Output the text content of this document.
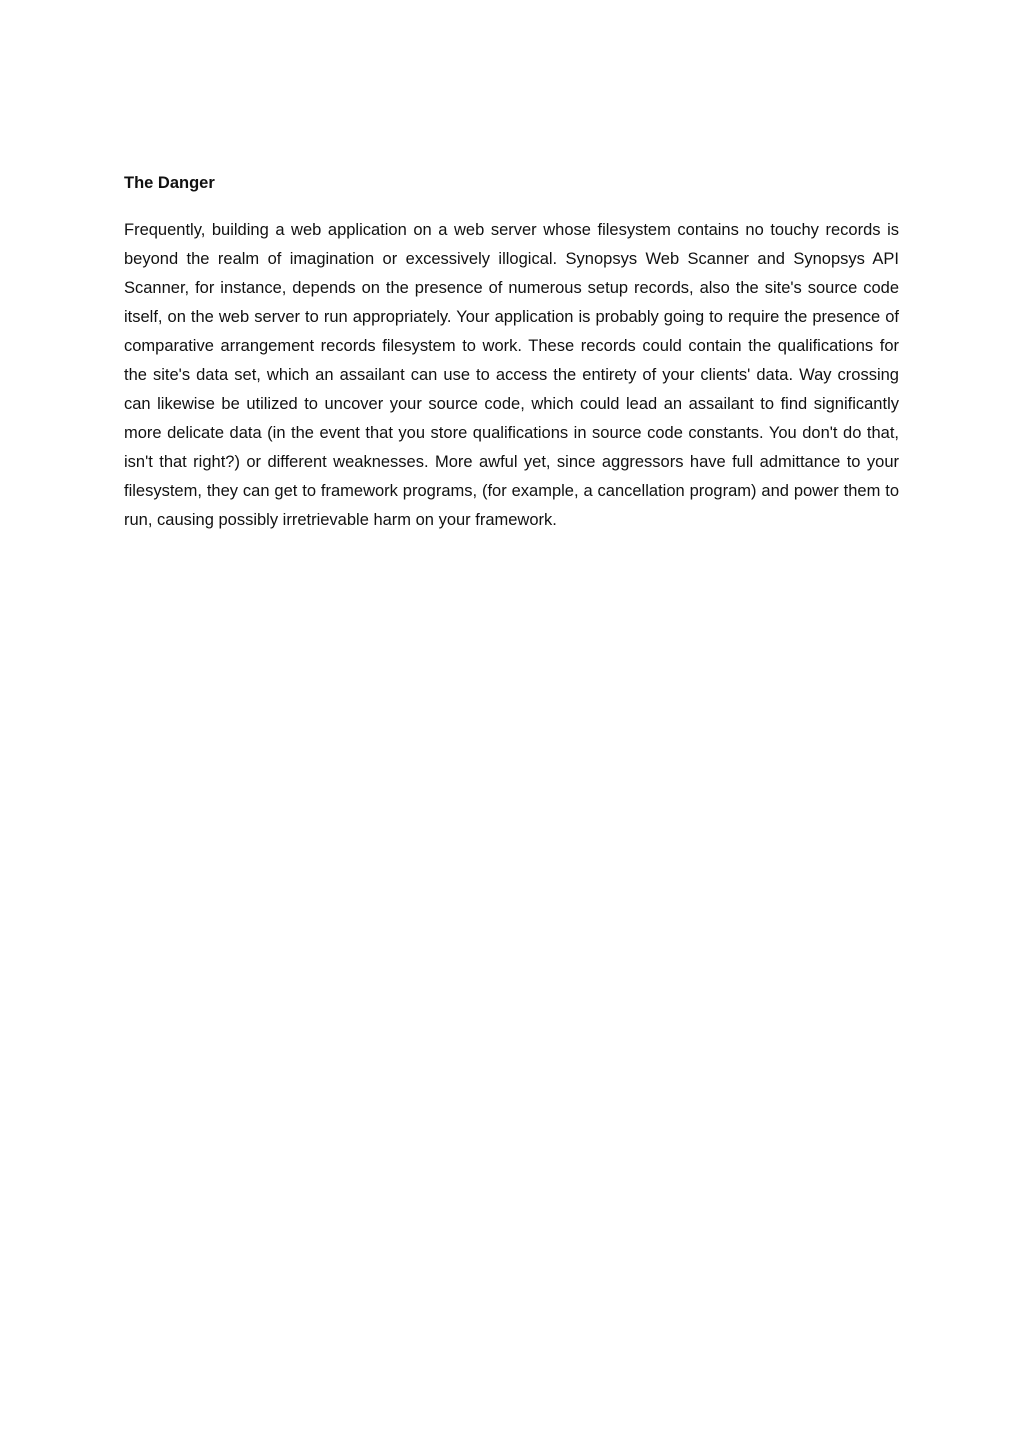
The Danger

Frequently, building a web application on a web server whose filesystem contains no touchy records is beyond the realm of imagination or excessively illogical. Synopsys Web Scanner and Synopsys API Scanner, for instance, depends on the presence of numerous setup records, also the site's source code itself, on the web server to run appropriately. Your application is probably going to require the presence of comparative arrangement records filesystem to work. These records could contain the qualifications for the site's data set, which an assailant can use to access the entirety of your clients' data. Way crossing can likewise be utilized to uncover your source code, which could lead an assailant to find significantly more delicate data (in the event that you store qualifications in source code constants. You don't do that, isn't that right?) or different weaknesses. More awful yet, since aggressors have full admittance to your filesystem, they can get to framework programs, (for example, a cancellation program) and power them to run, causing possibly irretrievable harm on your framework.
